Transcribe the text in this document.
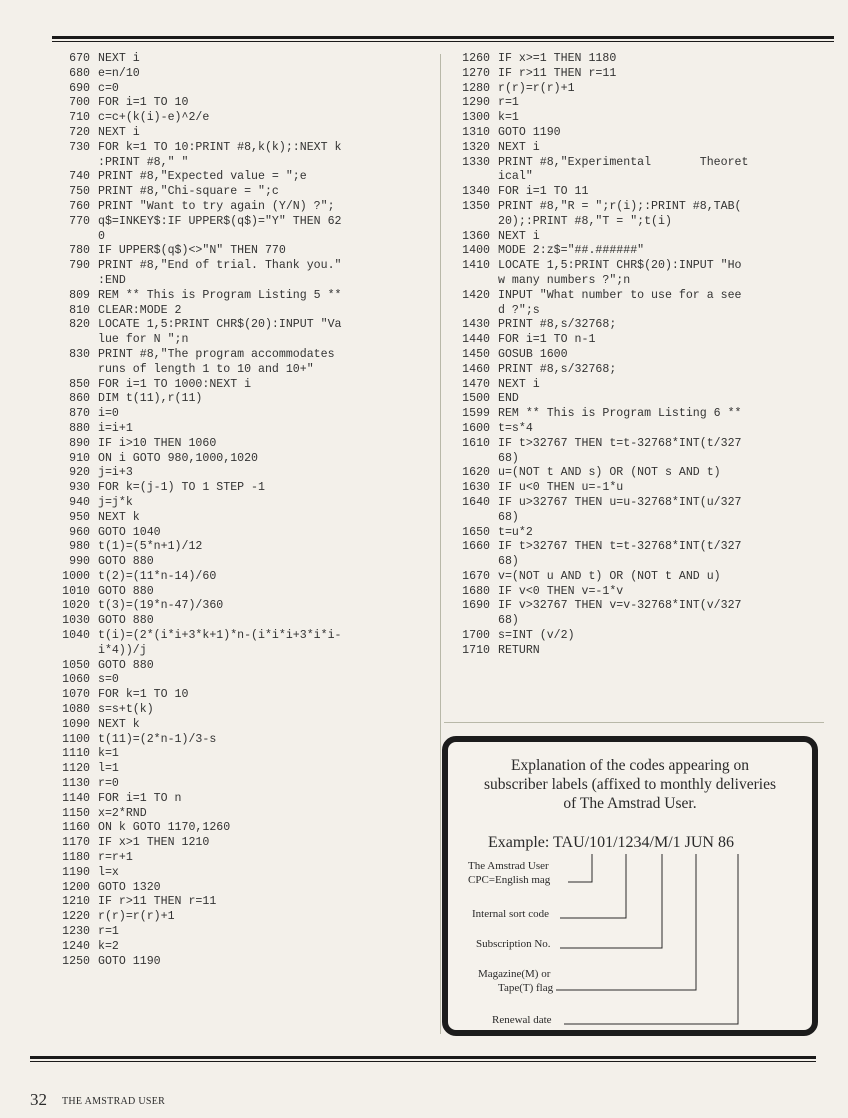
670 NEXT i
680 e=n/10
690 c=0
700 FOR i=1 TO 10
710 c=c+(k(i)-e)^2/e
720 NEXT i
730 FOR k=1 TO 10:PRINT #8,k(k);:NEXT k
:PRINT #8," "
740 PRINT #8,"Expected value = ";e
750 PRINT #8,"Chi-square = ";c
760 PRINT "Want to try again (Y/N) ?";
770 q$=INKEY$:IF UPPER$(q$)="Y" THEN 62
0
780 IF UPPER$(q$)<>"N" THEN 770
790 PRINT #8,"End of trial. Thank you."
:END
809 REM ** This is Program Listing 5 **
810 CLEAR:MODE 2
820 LOCATE 1,5:PRINT CHR$(20):INPUT "Va
lue for N ";n
830 PRINT #8,"The program accommodates
runs of length 1 to 10 and 10+"
850 FOR i=1 TO 1000:NEXT i
860 DIM t(11),r(11)
870 i=0
880 i=i+1
890 IF i>10 THEN 1060
910 ON i GOTO 980,1000,1020
920 j=i+3
930 FOR k=(j-1) TO 1 STEP -1
940 j=j*k
950 NEXT k
960 GOTO 1040
980 t(1)=(5*n+1)/12
990 GOTO 880
1000 t(2)=(11*n-14)/60
1010 GOTO 880
1020 t(3)=(19*n-47)/360
1030 GOTO 880
1040 t(i)=(2*(i*i+3*k+1)*n-(i*i*i+3*i*i-
i*4))/j
1050 GOTO 880
1060 s=0
1070 FOR k=1 TO 10
1080 s=s+t(k)
1090 NEXT k
1100 t(11)=(2*n-1)/3-s
1110 k=1
1120 l=1
1130 r=0
1140 FOR i=1 TO n
1150 x=2*RND
1160 ON k GOTO 1170,1260
1170 IF x>1 THEN 1210
1180 r=r+1
1190 l=x
1200 GOTO 1320
1210 IF r>11 THEN r=11
1220 r(r)=r(r)+1
1230 r=1
1240 k=2
1250 GOTO 1190
1260 IF x>=1 THEN 1180
1270 IF r>11 THEN r=11
1280 r(r)=r(r)+1
1290 r=1
1300 k=1
1310 GOTO 1190
1320 NEXT i
1330 PRINT #8,"Experimental       Theoret
ical"
1340 FOR i=1 TO 11
1350 PRINT #8,"R = ";r(i);:PRINT #8,TAB(
20);:PRINT #8,"T = ";t(i)
1360 NEXT i
1400 MODE 2:z$="##.######"
1410 LOCATE 1,5:PRINT CHR$(20):INPUT "Ho
w many numbers ?";n
1420 INPUT "What number to use for a see
d ?";s
1430 PRINT #8,s/32768;
1440 FOR i=1 TO n-1
1450 GOSUB 1600
1460 PRINT #8,s/32768;
1470 NEXT i
1500 END
1599 REM ** This is Program Listing 6 **
1600 t=s*4
1610 IF t>32767 THEN t=t-32768*INT(t/327
68)
1620 u=(NOT t AND s) OR (NOT s AND t)
1630 IF u<0 THEN u=-1*u
1640 IF u>32767 THEN u=u-32768*INT(u/327
68)
1650 t=u*2
1660 IF t>32767 THEN t=t-32768*INT(t/327
68)
1670 v=(NOT u AND t) OR (NOT t AND u)
1680 IF v<0 THEN v=-1*v
1690 IF v>32767 THEN v=v-32768*INT(v/327
68)
1700 s=INT (v/2)
1710 RETURN
Explanation of the codes appearing on
subscriber labels (affixed to monthly deliveries
of The Amstrad User.
Example: TAU/101/1234/M/1 JUN 86
The Amstrad User
CPC=English mag
Internal sort code
Subscription No.
Magazine(M) or
Tape(T) flag
Renewal date
32 THE AMSTRAD USER
